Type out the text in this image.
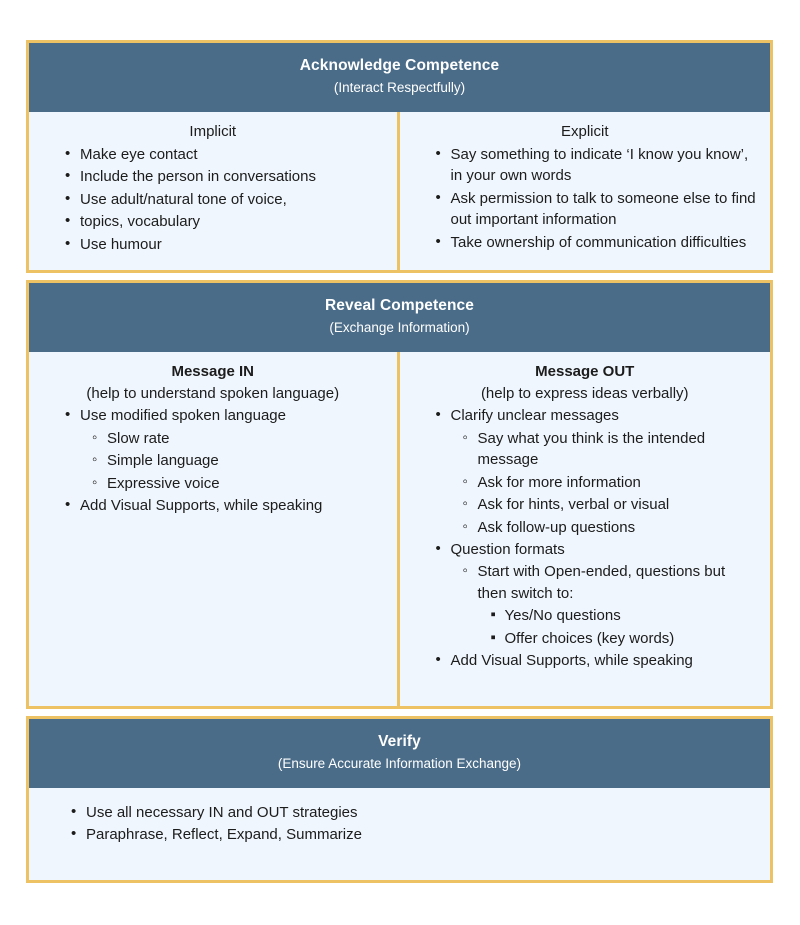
Acknowledge Competence
(Interact Respectfully)
Implicit
• Make eye contact
• Include the person in conversations
• Use adult/natural tone of voice,
• topics, vocabulary
• Use humour
Explicit
• Say something to indicate ‘I know you know’, in your own words
• Ask permission to talk to someone else to find out important information
• Take ownership of communication difficulties
Reveal Competence
(Exchange Information)
Message IN
(help to understand spoken language)
• Use modified spoken language
◦ Slow rate
◦ Simple language
◦ Expressive voice
• Add Visual Supports, while speaking
Message OUT
(help to express ideas verbally)
• Clarify unclear messages
◦ Say what you think is the intended message
◦ Ask for more information
◦ Ask for hints, verbal or visual
◦ Ask follow-up questions
• Question formats
◦ Start with Open-ended, questions but then switch to:
▪ Yes/No questions
▪ Offer choices (key words)
• Add Visual Supports, while speaking
Verify
(Ensure Accurate Information Exchange)
• Use all necessary IN and OUT strategies
• Paraphrase, Reflect, Expand, Summarize
